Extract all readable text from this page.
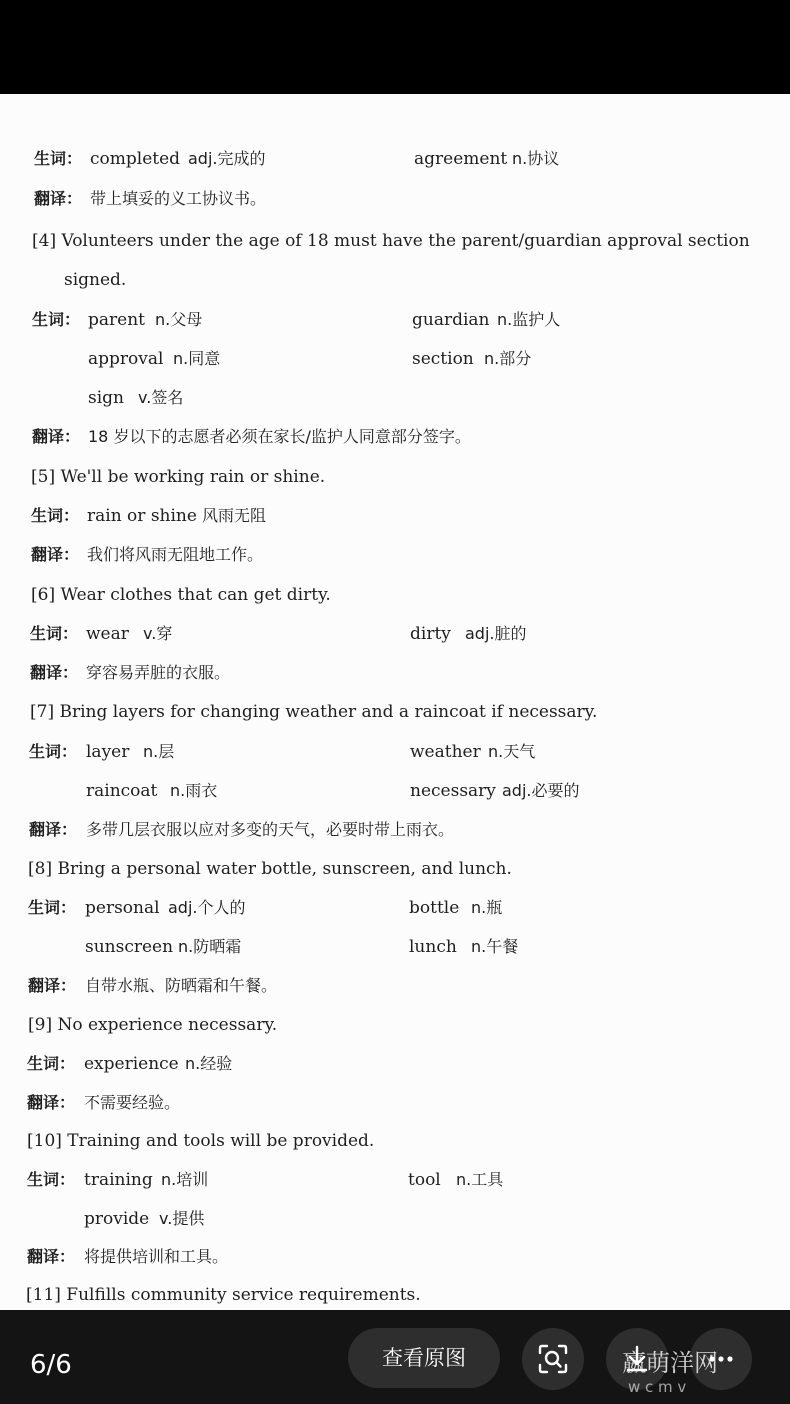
生词： completed adj.完成的	agreement n.协议
翻译： 带上填妥的义工协议书。
[4] Volunteers under the age of 18 must have the parent/guardian approval section
signed.
生词： parent n.父母	guardian n.监护人
approval n.同意	section n.部分
sign v.签名
翻译： 18 岁以下的志愿者必须在家长/监护人同意部分签字。
[5] We'll be working rain or shine.
生词： rain or shine 风雨无阻
翻译： 我们将风雨无阻地工作。
[6] Wear clothes that can get dirty.
生词： wear v.穿	dirty adj.脏的
翻译： 穿容易弄脏的衣服。
[7] Bring layers for changing weather and a raincoat if necessary.
生词： layer n.层	weather n.天气
raincoat n.雨衣	necessary adj.必要的
翻译： 多带几层衣服以应对多变的天气，必要时带上雨衣。
[8] Bring a personal water bottle, sunscreen, and lunch.
生词： personal adj.个人的	bottle n.瓶
sunscreen n.防晒霜	lunch n.午餐
翻译： 自带水瓶、防晒霜和午餐。
[9] No experience necessary.
生词： experience n.经验
翻译： 不需要经验。
[10] Training and tools will be provided.
生词： training n.培训	tool n.工具
provide v.提供
翻译： 将提供培训和工具。
[11] Fulfills community service requirements.
6/6	查看原图	嬴萌洋网
w c m v
